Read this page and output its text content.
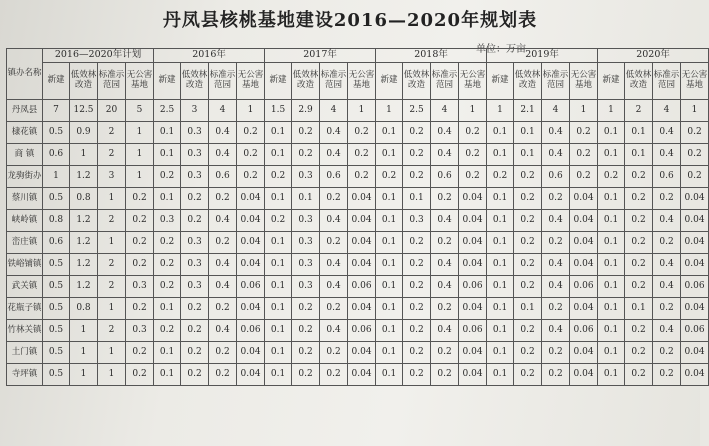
丹凤县核桃基地建设2016—2020年规划表
单位：万亩
镇办名称	2016—2020年计划				2016年				2017年				2018年				2019年				2020年			
	新建	低效林改造	标准示范园	无公害基地	新建	低效林改造	标准示范园	无公害基地	新建	低效林改造	标准示范园	无公害基地	新建	低效林改造	标准示范园	无公害基地	新建	低效林改造	标准示范园	无公害基地	新建	低效林改造	标准示范园	无公害基地
丹凤县	7	12.5	20	5	2.5	3	4	1	1.5	2.9	4	1	1	2.5	4	1	1	2.1	4	1	1	2	4	1
棣花镇	0.5	0.9	2	1	0.1	0.3	0.4	0.2	0.1	0.2	0.4	0.2	0.1	0.2	0.4	0.2	0.1	0.1	0.4	0.2	0.1	0.1	0.4	0.2
商 镇	0.6	1	2	1	0.1	0.3	0.4	0.2	0.1	0.2	0.4	0.2	0.1	0.2	0.4	0.2	0.1	0.1	0.4	0.2	0.1	0.1	0.4	0.2
龙驹街办	1	1.2	3	1	0.2	0.3	0.6	0.2	0.2	0.3	0.6	0.2	0.2	0.2	0.6	0.2	0.2	0.2	0.6	0.2	0.2	0.2	0.6	0.2
蔡川镇	0.5	0.8	1	0.2	0.1	0.2	0.2	0.04	0.1	0.1	0.2	0.04	0.1	0.1	0.2	0.04	0.1	0.2	0.2	0.04	0.1	0.2	0.2	0.04
峡岭镇	0.8	1.2	2	0.2	0.3	0.2	0.4	0.04	0.2	0.3	0.4	0.04	0.1	0.3	0.4	0.04	0.1	0.2	0.4	0.04	0.1	0.2	0.4	0.04
峦庄镇	0.6	1.2	1	0.2	0.2	0.3	0.2	0.04	0.1	0.3	0.2	0.04	0.1	0.2	0.2	0.04	0.1	0.2	0.2	0.04	0.1	0.2	0.2	0.04
铁峪铺镇	0.5	1.2	2	0.2	0.2	0.3	0.4	0.04	0.1	0.3	0.4	0.04	0.1	0.2	0.4	0.04	0.1	0.2	0.4	0.04	0.1	0.2	0.4	0.04
武关镇	0.5	1.2	2	0.3	0.2	0.3	0.4	0.06	0.1	0.3	0.4	0.06	0.1	0.2	0.4	0.06	0.1	0.2	0.4	0.06	0.1	0.2	0.4	0.06
花瓶子镇	0.5	0.8	1	0.2	0.1	0.2	0.2	0.04	0.1	0.2	0.2	0.04	0.1	0.2	0.2	0.04	0.1	0.1	0.2	0.04	0.1	0.1	0.2	0.04
竹林关镇	0.5	1	2	0.3	0.2	0.2	0.4	0.06	0.1	0.2	0.4	0.06	0.1	0.2	0.4	0.06	0.1	0.2	0.4	0.06	0.1	0.2	0.4	0.06
土门镇	0.5	1	1	0.2	0.1	0.2	0.2	0.04	0.1	0.2	0.2	0.04	0.1	0.2	0.2	0.04	0.1	0.2	0.2	0.04	0.1	0.2	0.2	0.04
寺坪镇	0.5	1	1	0.2	0.1	0.2	0.2	0.04	0.1	0.2	0.2	0.04	0.1	0.2	0.2	0.04	0.1	0.2	0.2	0.04	0.1	0.2	0.2	0.04
